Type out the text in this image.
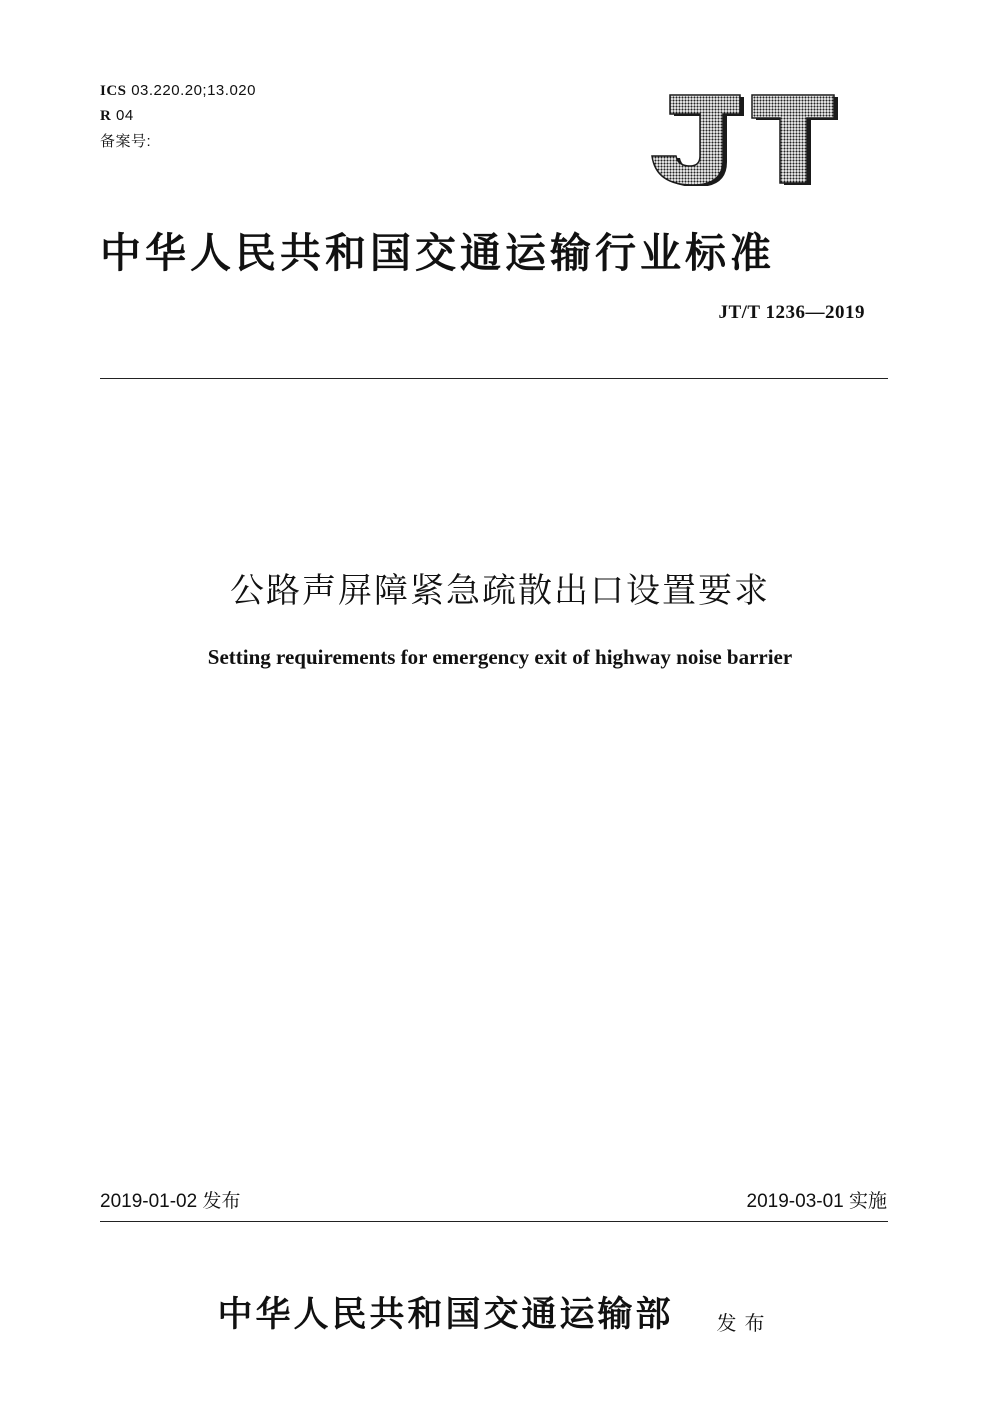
ICS 03.220.20;13.020
R 04
备案号:
中华人民共和国交通运输行业标准
JT/T 1236—2019
公路声屏障紧急疏散出口设置要求
Setting requirements for emergency exit of highway noise barrier
2019-01-02 发布	2019-03-01 实施
中华人民共和国交通运输部 发布
